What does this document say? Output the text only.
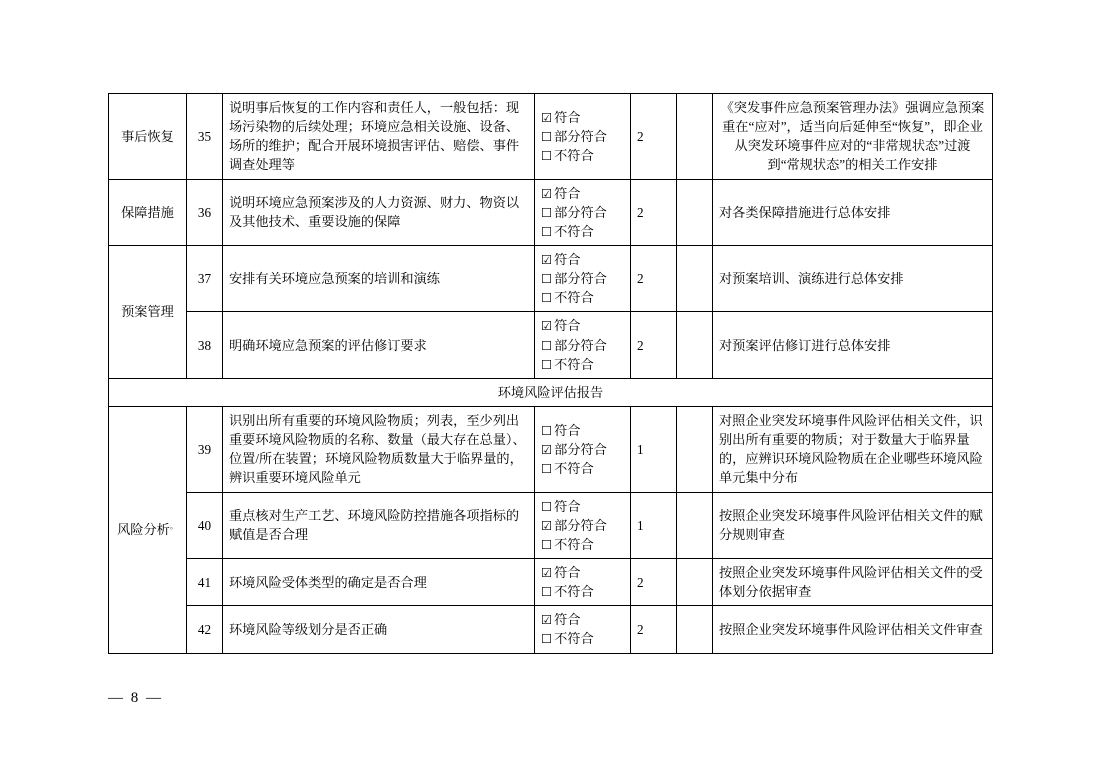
事后恢复	35	说明事后恢复的工作内容和责任人，一般包括：现场污染物的后续处理；环境应急相关设施、设备、场所的维护；配合开展环境损害评估、赔偿、事件调查处理等	☑ 符合
☐ 部分符合
☐ 不符合	2		《突发事件应急预案管理办法》强调应急预案重在“应对”，适当向后延伸至“恢复”，即企业从突发环境事件应对的“非常规状态”过渡到“常规状态”的相关工作安排
保障措施	36	说明环境应急预案涉及的人力资源、财力、物资以及其他技术、重要设施的保障	☑ 符合
☐ 部分符合
☐ 不符合	2		对各类保障措施进行总体安排
预案管理	37	安排有关环境应急预案的培训和演练	☑ 符合
☐ 部分符合
☐ 不符合	2		对预案培训、演练进行总体安排
	38	明确环境应急预案的评估修订要求	☑ 符合
☐ 部分符合
☐ 不符合	2		对预案评估修订进行总体安排
环境风险评估报告						
风险分析。	39	识别出所有重要的环境风险物质；列表，至少列出重要环境风险物质的名称、数量（最大存在总量）、位置/所在装置；环境风险物质数量大于临界量的，辨识重要环境风险单元	☐ 符合
☑ 部分符合
☐ 不符合	1		对照企业突发环境事件风险评估相关文件，识别出所有重要的物质；对于数量大于临界量的，应辨识环境风险物质在企业哪些环境风险单元集中分布
	40	重点核对生产工艺、环境风险防控措施各项指标的赋值是否合理	☐ 符合
☑ 部分符合
☐ 不符合	1		按照企业突发环境事件风险评估相关文件的赋分规则审查
	41	环境风险受体类型的确定是否合理	☑ 符合
☐ 不符合	2		按照企业突发环境事件风险评估相关文件的受体划分依据审查
	42	环境风险等级划分是否正确	☑ 符合
☐ 不符合	2		按照企业突发环境事件风险评估相关文件审查
— 8 —
